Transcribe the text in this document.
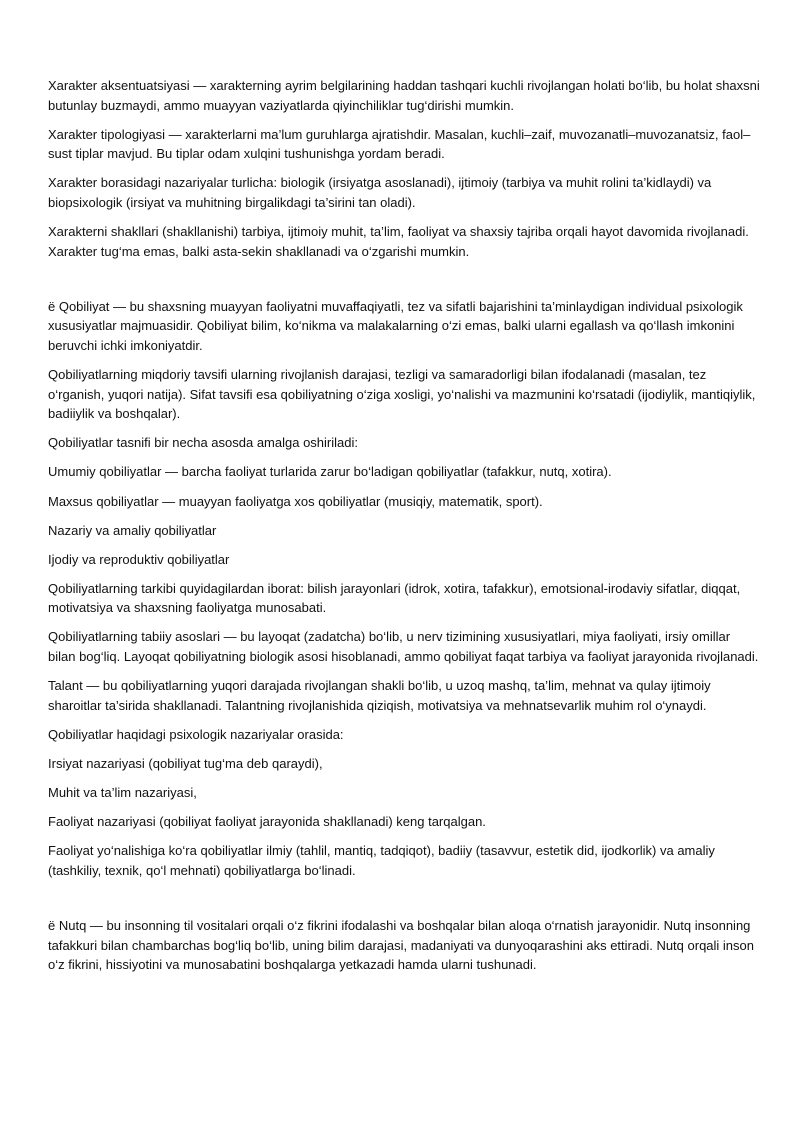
Xarakter aksentuatsiyasi — xarakterning ayrim belgilarining haddan tashqari kuchli rivojlangan holati bo‘lib, bu holat shaxsni butunlay buzmaydi, ammo muayyan vaziyatlarda qiyinchiliklar tug‘dirishi mumkin.

Xarakter tipologiyasi — xarakterlarni ma’lum guruhlarga ajratishdir. Masalan, kuchli–zaif, muvozanatli–muvozanatsiz, faol–sust tiplar mavjud. Bu tiplar odam xulqini tushunishga yordam beradi.

Xarakter borasidagi nazariyalar turlicha: biologik (irsiyatga asoslanadi), ijtimoiy (tarbiya va muhit rolini ta’kidlaydi) va biopsixologik (irsiyat va muhitning birgalikdagi ta’sirini tan oladi).

Xarakterni shakllari (shakllanishi) tarbiya, ijtimoiy muhit, ta’lim, faoliyat va shaxsiy tajriba orqali hayot davomida rivojlanadi. Xarakter tug‘ma emas, balki asta-sekin shakllanadi va o‘zgarishi mumkin.

ë Qobiliyat — bu shaxsning muayyan faoliyatni muvaffaqiyatli, tez va sifatli bajarishini ta’minlaydigan individual psixologik xususiyatlar majmuasidir. Qobiliyat bilim, ko‘nikma va malakalarning o‘zi emas, balki ularni egallash va qo‘llash imkonini beruvchi ichki imkoniyatdir.

Qobiliyatlarning miqdoriy tavsifi ularning rivojlanish darajasi, tezligi va samaradorligi bilan ifodalanadi (masalan, tez o‘rganish, yuqori natija). Sifat tavsifi esa qobiliyatning o‘ziga xosligi, yo‘nalishi va mazmunini ko‘rsatadi (ijodiylik, mantiqiylik, badiiylik va boshqalar).

Qobiliyatlar tasnifi bir necha asosda amalga oshiriladi:

Umumiy qobiliyatlar — barcha faoliyat turlarida zarur bo‘ladigan qobiliyatlar (tafakkur, nutq, xotira).

Maxsus qobiliyatlar — muayyan faoliyatga xos qobiliyatlar (musiqiy, matematik, sport).

Nazariy va amaliy qobiliyatlar

Ijodiy va reproduktiv qobiliyatlar

Qobiliyatlarning tarkibi quyidagilardan iborat: bilish jarayonlari (idrok, xotira, tafakkur), emotsional-irodaviy sifatlar, diqqat, motivatsiya va shaxsning faoliyatga munosabati.

Qobiliyatlarning tabiiy asoslari — bu layoqat (zadatcha) bo‘lib, u nerv tizimining xususiyatlari, miya faoliyati, irsiy omillar bilan bog‘liq. Layoqat qobiliyatning biologik asosi hisoblanadi, ammo qobiliyat faqat tarbiya va faoliyat jarayonida rivojlanadi.

Talant — bu qobiliyatlarning yuqori darajada rivojlangan shakli bo‘lib, u uzoq mashq, ta’lim, mehnat va qulay ijtimoiy sharoitlar ta’sirida shakllanadi. Talantning rivojlanishida qiziqish, motivatsiya va mehnatsevarlik muhim rol o‘ynaydi.

Qobiliyatlar haqidagi psixologik nazariyalar orasida:

Irsiyat nazariyasi (qobiliyat tug‘ma deb qaraydi),

Muhit va ta’lim nazariyasi,

Faoliyat nazariyasi (qobiliyat faoliyat jarayonida shakllanadi) keng tarqalgan.

Faoliyat yo‘nalishiga ko‘ra qobiliyatlar ilmiy (tahlil, mantiq, tadqiqot), badiiy (tasavvur, estetik did, ijodkorlik) va amaliy (tashkiliy, texnik, qo‘l mehnati) qobiliyatlarga bo‘linadi.

ë Nutq — bu insonning til vositalari orqali o‘z fikrini ifodalashi va boshqalar bilan aloqa o‘rnatish jarayonidir. Nutq insonning tafakkuri bilan chambarchas bog‘liq bo‘lib, uning bilim darajasi, madaniyati va dunyoqarashini aks ettiradi. Nutq orqali inson o‘z fikrini, hissiyotini va munosabatini boshqalarga yetkazadi hamda ularni tushunadi.
